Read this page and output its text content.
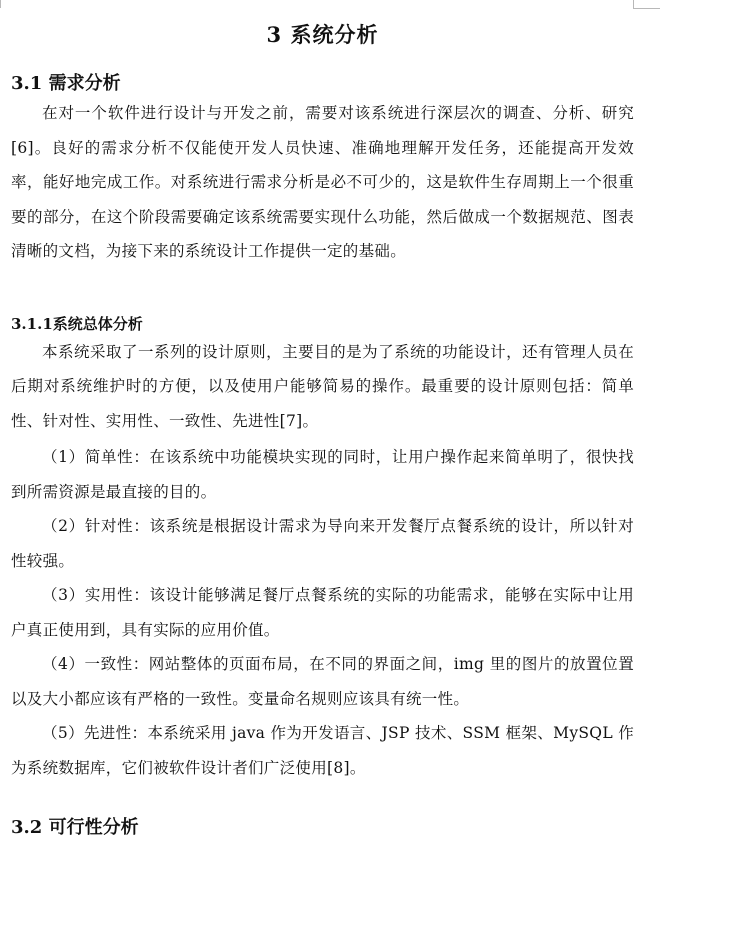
3 系统分析
3.1 需求分析

在对一个软件进行设计与开发之前，需要对该系统进行深层次的调查、分析、研究[6]。良好的需求分析不仅能使开发人员快速、准确地理解开发任务，还能提高开发效率，能好地完成工作。对系统进行需求分析是必不可少的，这是软件生存周期上一个很重要的部分，在这个阶段需要确定该系统需要实现什么功能，然后做成一个数据规范、图表清晰的文档，为接下来的系统设计工作提供一定的基础。

3.1.1系统总体分析

本系统采取了一系列的设计原则，主要目的是为了系统的功能设计，还有管理人员在后期对系统维护时的方便，以及使用户能够简易的操作。最重要的设计原则包括：简单性、针对性、实用性、一致性、先进性[7]。

（1）简单性：在该系统中功能模块实现的同时，让用户操作起来简单明了，很快找到所需资源是最直接的目的。

（2）针对性：该系统是根据设计需求为导向来开发餐厅点餐系统的设计，所以针对性较强。

（3）实用性：该设计能够满足餐厅点餐系统的实际的功能需求，能够在实际中让用户真正使用到，具有实际的应用价值。

（4）一致性：网站整体的页面布局，在不同的界面之间，img 里的图片的放置位置以及大小都应该有严格的一致性。变量命名规则应该具有统一性。

（5）先进性：本系统采用 java 作为开发语言、JSP 技术、SSM 框架、MySQL 作为系统数据库，它们被软件设计者们广泛使用[8]。

3.2 可行性分析
